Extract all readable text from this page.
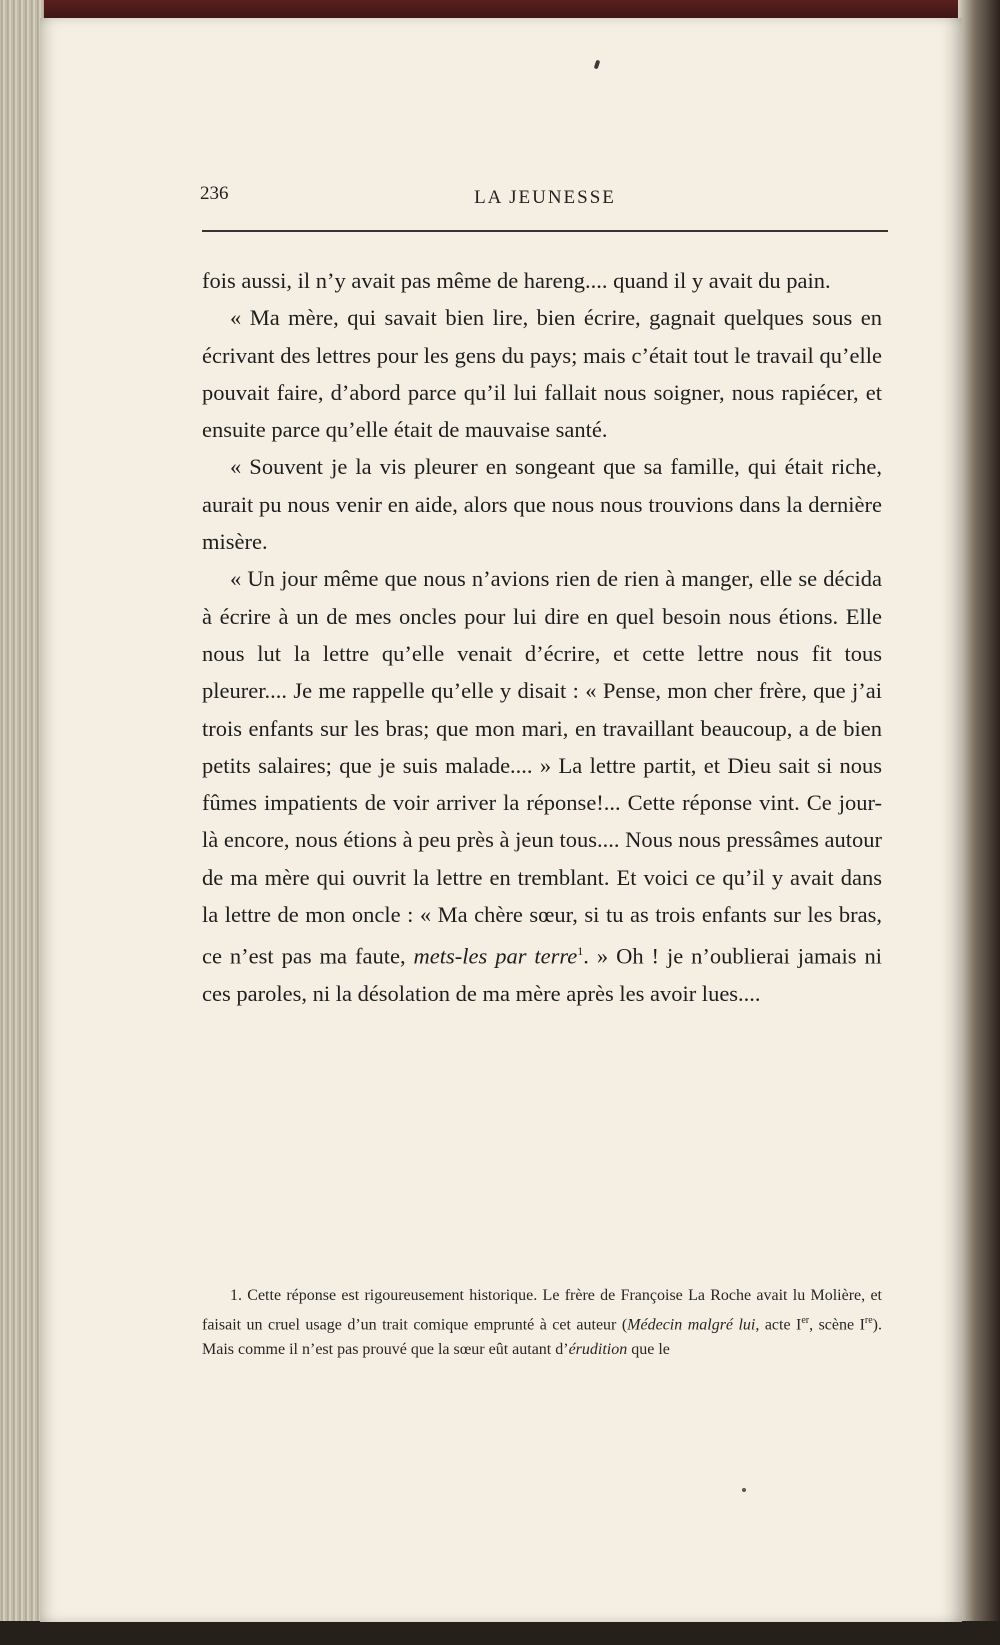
236	LA JEUNESSE

fois aussi, il n’y avait pas même de hareng.... quand il y avait du pain.

« Ma mère, qui savait bien lire, bien écrire, gagnait quelques sous en écrivant des lettres pour les gens du pays; mais c’était tout le travail qu’elle pouvait faire, d’abord parce qu’il lui fallait nous soigner, nous rapiécer, et ensuite parce qu’elle était de mauvaise santé.

« Souvent je la vis pleurer en songeant que sa famille, qui était riche, aurait pu nous venir en aide, alors que nous nous trouvions dans la dernière misère.

« Un jour même que nous n’avions rien de rien à manger, elle se décida à écrire à un de mes oncles pour lui dire en quel besoin nous étions. Elle nous lut la lettre qu’elle venait d’écrire, et cette lettre nous fit tous pleurer.... Je me rappelle qu’elle y disait : « Pense, mon cher frère, que j’ai trois enfants sur les bras; que mon mari, en travaillant beaucoup, a de bien petits salaires; que je suis malade.... » La lettre partit, et Dieu sait si nous fûmes impatients de voir arriver la réponse!... Cette réponse vint. Ce jour-là encore, nous étions à peu près à jeun tous.... Nous nous pressâmes autour de ma mère qui ouvrit la lettre en tremblant. Et voici ce qu’il y avait dans la lettre de mon oncle : « Ma chère sœur, si tu as trois enfants sur les bras, ce n’est pas ma faute, mets-les par terre$^1$. » Oh ! je n’oublierai jamais ni ces paroles, ni la désolation de ma mère après les avoir lues....

1. Cette réponse est rigoureusement historique. Le frère de Françoise La Roche avait lu Molière, et faisait un cruel usage d’un trait comique emprunté à cet auteur (Médecin malgré lui, acte Ier, scène Ire). Mais comme il n’est pas prouvé que la sœur eût autant d’érudition que le
